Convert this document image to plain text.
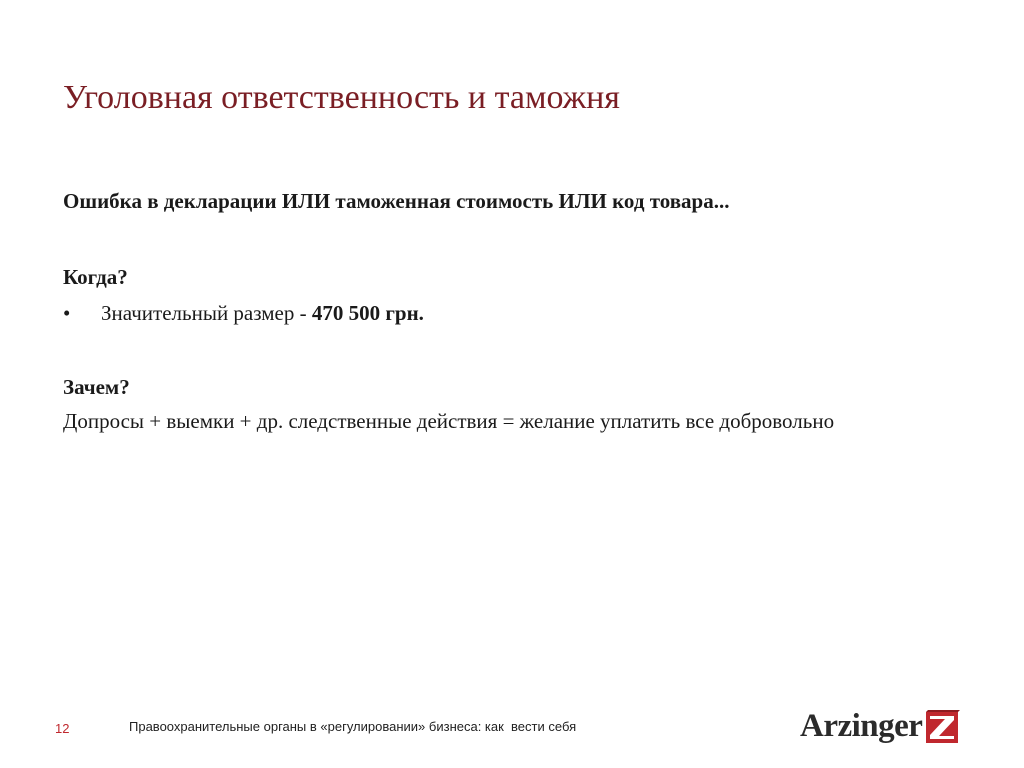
Уголовная ответственность и таможня

Ошибка в декларации ИЛИ таможенная стоимость ИЛИ код товара...

Когда?

•	Значительный размер - 470 500 грн.

Зачем?

Допросы + выемки + др. следственные действия = желание уплатить все добровольно

12	Правоохранительные органы в «регулировании» бизнеса: как  вести себя	Arzinger
